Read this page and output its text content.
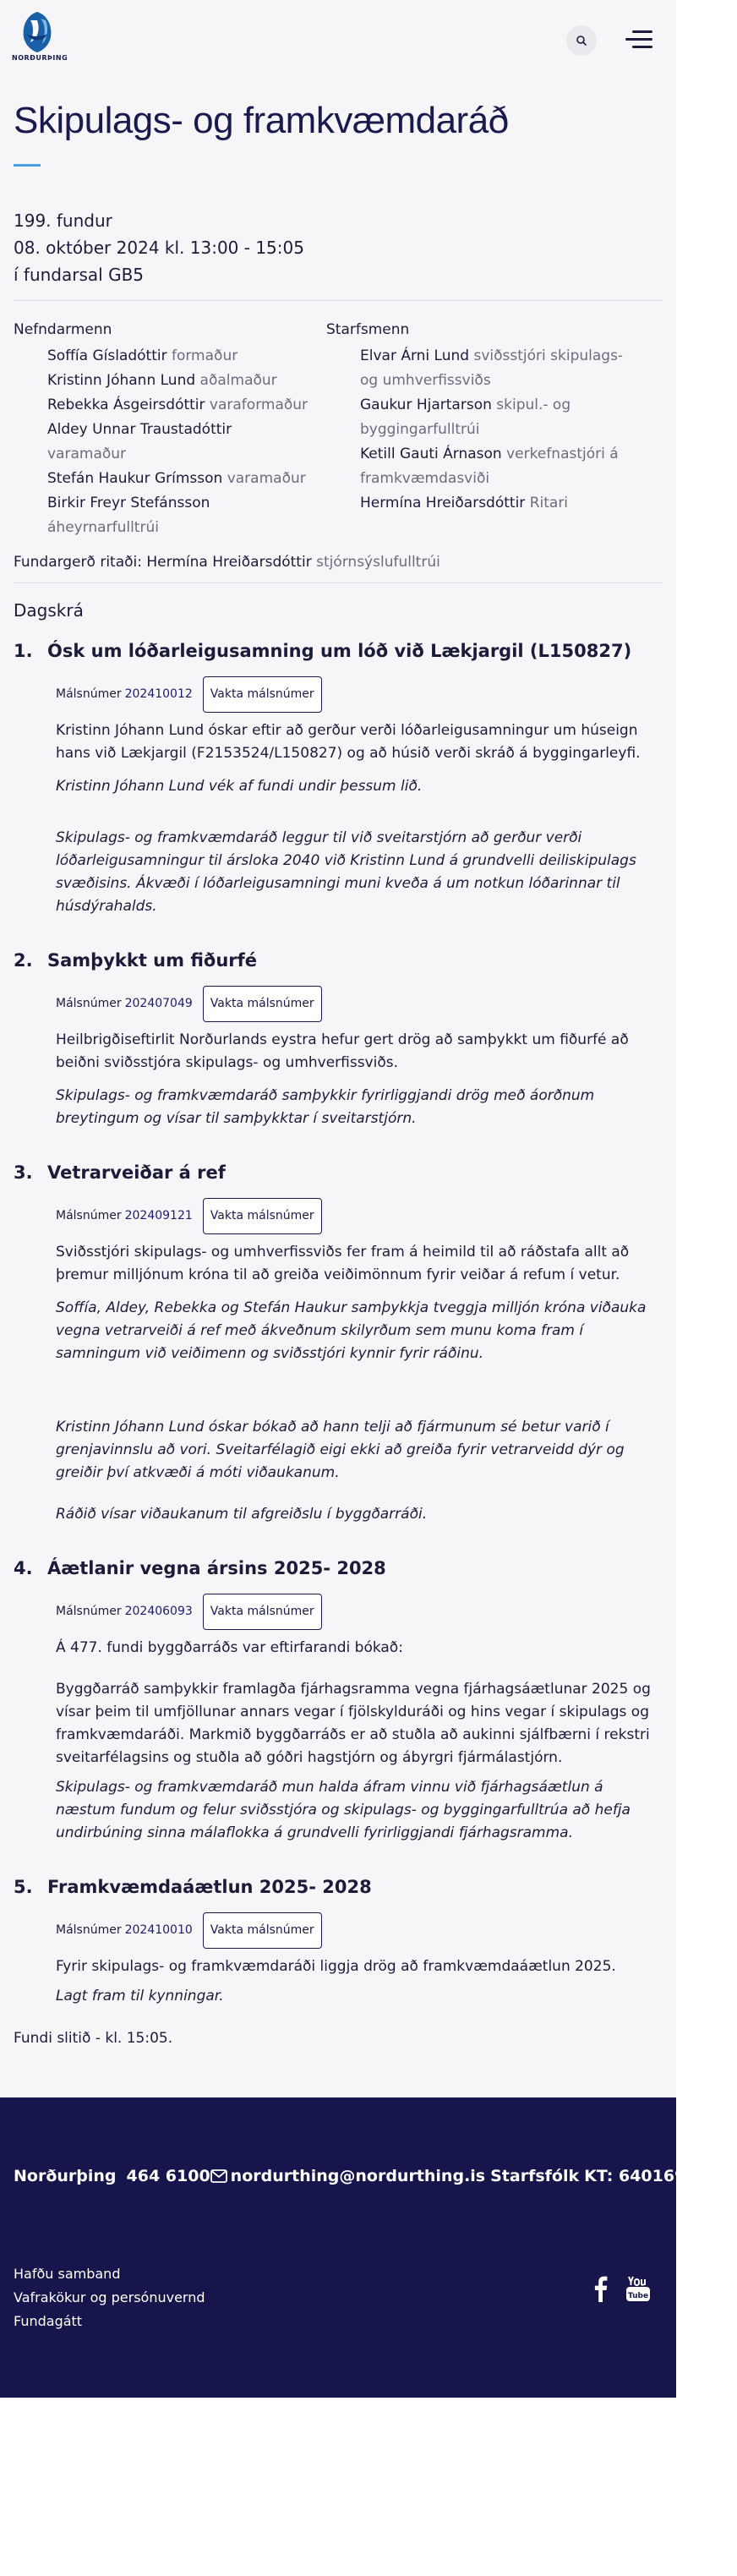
NORÐURÞING
Skipulags- og framkvæmdaráð
199. fundur
08. október 2024 kl. 13:00 - 15:05
í fundarsal GB5
Nefndarmenn
Soffía Gísladóttir formaður
Kristinn Jóhann Lund aðalmaður
Rebekka Ásgeirsdóttir varaformaður
Aldey Unnar Traustadóttir
varamaður
Stefán Haukur Grímsson varamaður
Birkir Freyr Stefánsson
áheyrnarfulltrúi
Starfsmenn
Elvar Árni Lund sviðsstjóri skipulags- og umhverfissviðs
Gaukur Hjartarson skipul.- og byggingarfulltrúi
Ketill Gauti Árnason verkefnastjóri á framkvæmdasviði
Hermína Hreiðarsdóttir Ritari
Fundargerð ritaði: Hermína Hreiðarsdóttir stjórnsýslufulltrúi
Dagskrá
1. Ósk um lóðarleigusamning um lóð við Lækjargil (L150827)
Málsnúmer 202410012	Vakta málsnúmer
Kristinn Jóhann Lund óskar eftir að gerður verði lóðarleigusamningur um húseign hans við Lækjargil (F2153524/L150827) og að húsið verði skráð á byggingarleyfi.
Kristinn Jóhann Lund vék af fundi undir þessum lið.
Skipulags- og framkvæmdaráð leggur til við sveitarstjórn að gerður verði lóðarleigusamningur til ársloka 2040 við Kristinn Lund á grundvelli deiliskipulags svæðisins. Ákvæði í lóðarleigusamningi muni kveða á um notkun lóðarinnar til húsdýrahalds.
2. Samþykkt um fiðurfé
Málsnúmer 202407049	Vakta málsnúmer
Heilbrigðiseftirlit Norðurlands eystra hefur gert drög að samþykkt um fiðurfé að beiðni sviðsstjóra skipulags- og umhverfissviðs.
Skipulags- og framkvæmdaráð samþykkir fyrirliggjandi drög með áorðnum breytingum og vísar til samþykktar í sveitarstjórn.
3. Vetrarveiðar á ref
Málsnúmer 202409121	Vakta málsnúmer
Sviðsstjóri skipulags- og umhverfissviðs fer fram á heimild til að ráðstafa allt að þremur milljónum króna til að greiða veiðimönnum fyrir veiðar á refum í vetur.
Soffía, Aldey, Rebekka og Stefán Haukur samþykkja tveggja milljón króna viðauka vegna vetrarveiði á ref með ákveðnum skilyrðum sem munu koma fram í samningum við veiðimenn og sviðsstjóri kynnir fyrir ráðinu.
Kristinn Jóhann Lund óskar bókað að hann telji að fjármunum sé betur varið í grenjavinnslu að vori. Sveitarfélagið eigi ekki að greiða fyrir vetrarveidd dýr og greiðir því atkvæði á móti viðaukanum.
Ráðið vísar viðaukanum til afgreiðslu í byggðarráði.
4. Áætlanir vegna ársins 2025- 2028
Málsnúmer 202406093	Vakta málsnúmer
Á 477. fundi byggðarráðs var eftirfarandi bókað:
Byggðarráð samþykkir framlagða fjárhagsramma vegna fjárhagsáætlunar 2025 og vísar þeim til umfjöllunar annars vegar í fjölskylduráði og hins vegar í skipulags og framkvæmdaráði. Markmið byggðarráðs er að stuðla að aukinni sjálfbærni í rekstri sveitarfélagsins og stuðla að góðri hagstjórn og ábyrgri fjármálastjórn.
Skipulags- og framkvæmdaráð mun halda áfram vinnu við fjárhagsáætlun á næstum fundum og felur sviðsstjóra og skipulags- og byggingarfulltrúa að hefja undirbúning sinna málaflokka á grundvelli fyrirliggjandi fjárhagsramma.
5. Framkvæmdaáætlun 2025- 2028
Málsnúmer 202410010	Vakta málsnúmer
Fyrir skipulags- og framkvæmdaráði liggja drög að framkvæmdaáætlun 2025.
Lagt fram til kynningar.
Fundi slitið - kl. 15:05.
Norðurþing 464 6100 nordurthing@nordurthing.is Starfsfólk KT: 640169-5599
Hafðu samband
Vafrakökur og persónuvernd
Fundagátt
Tube
